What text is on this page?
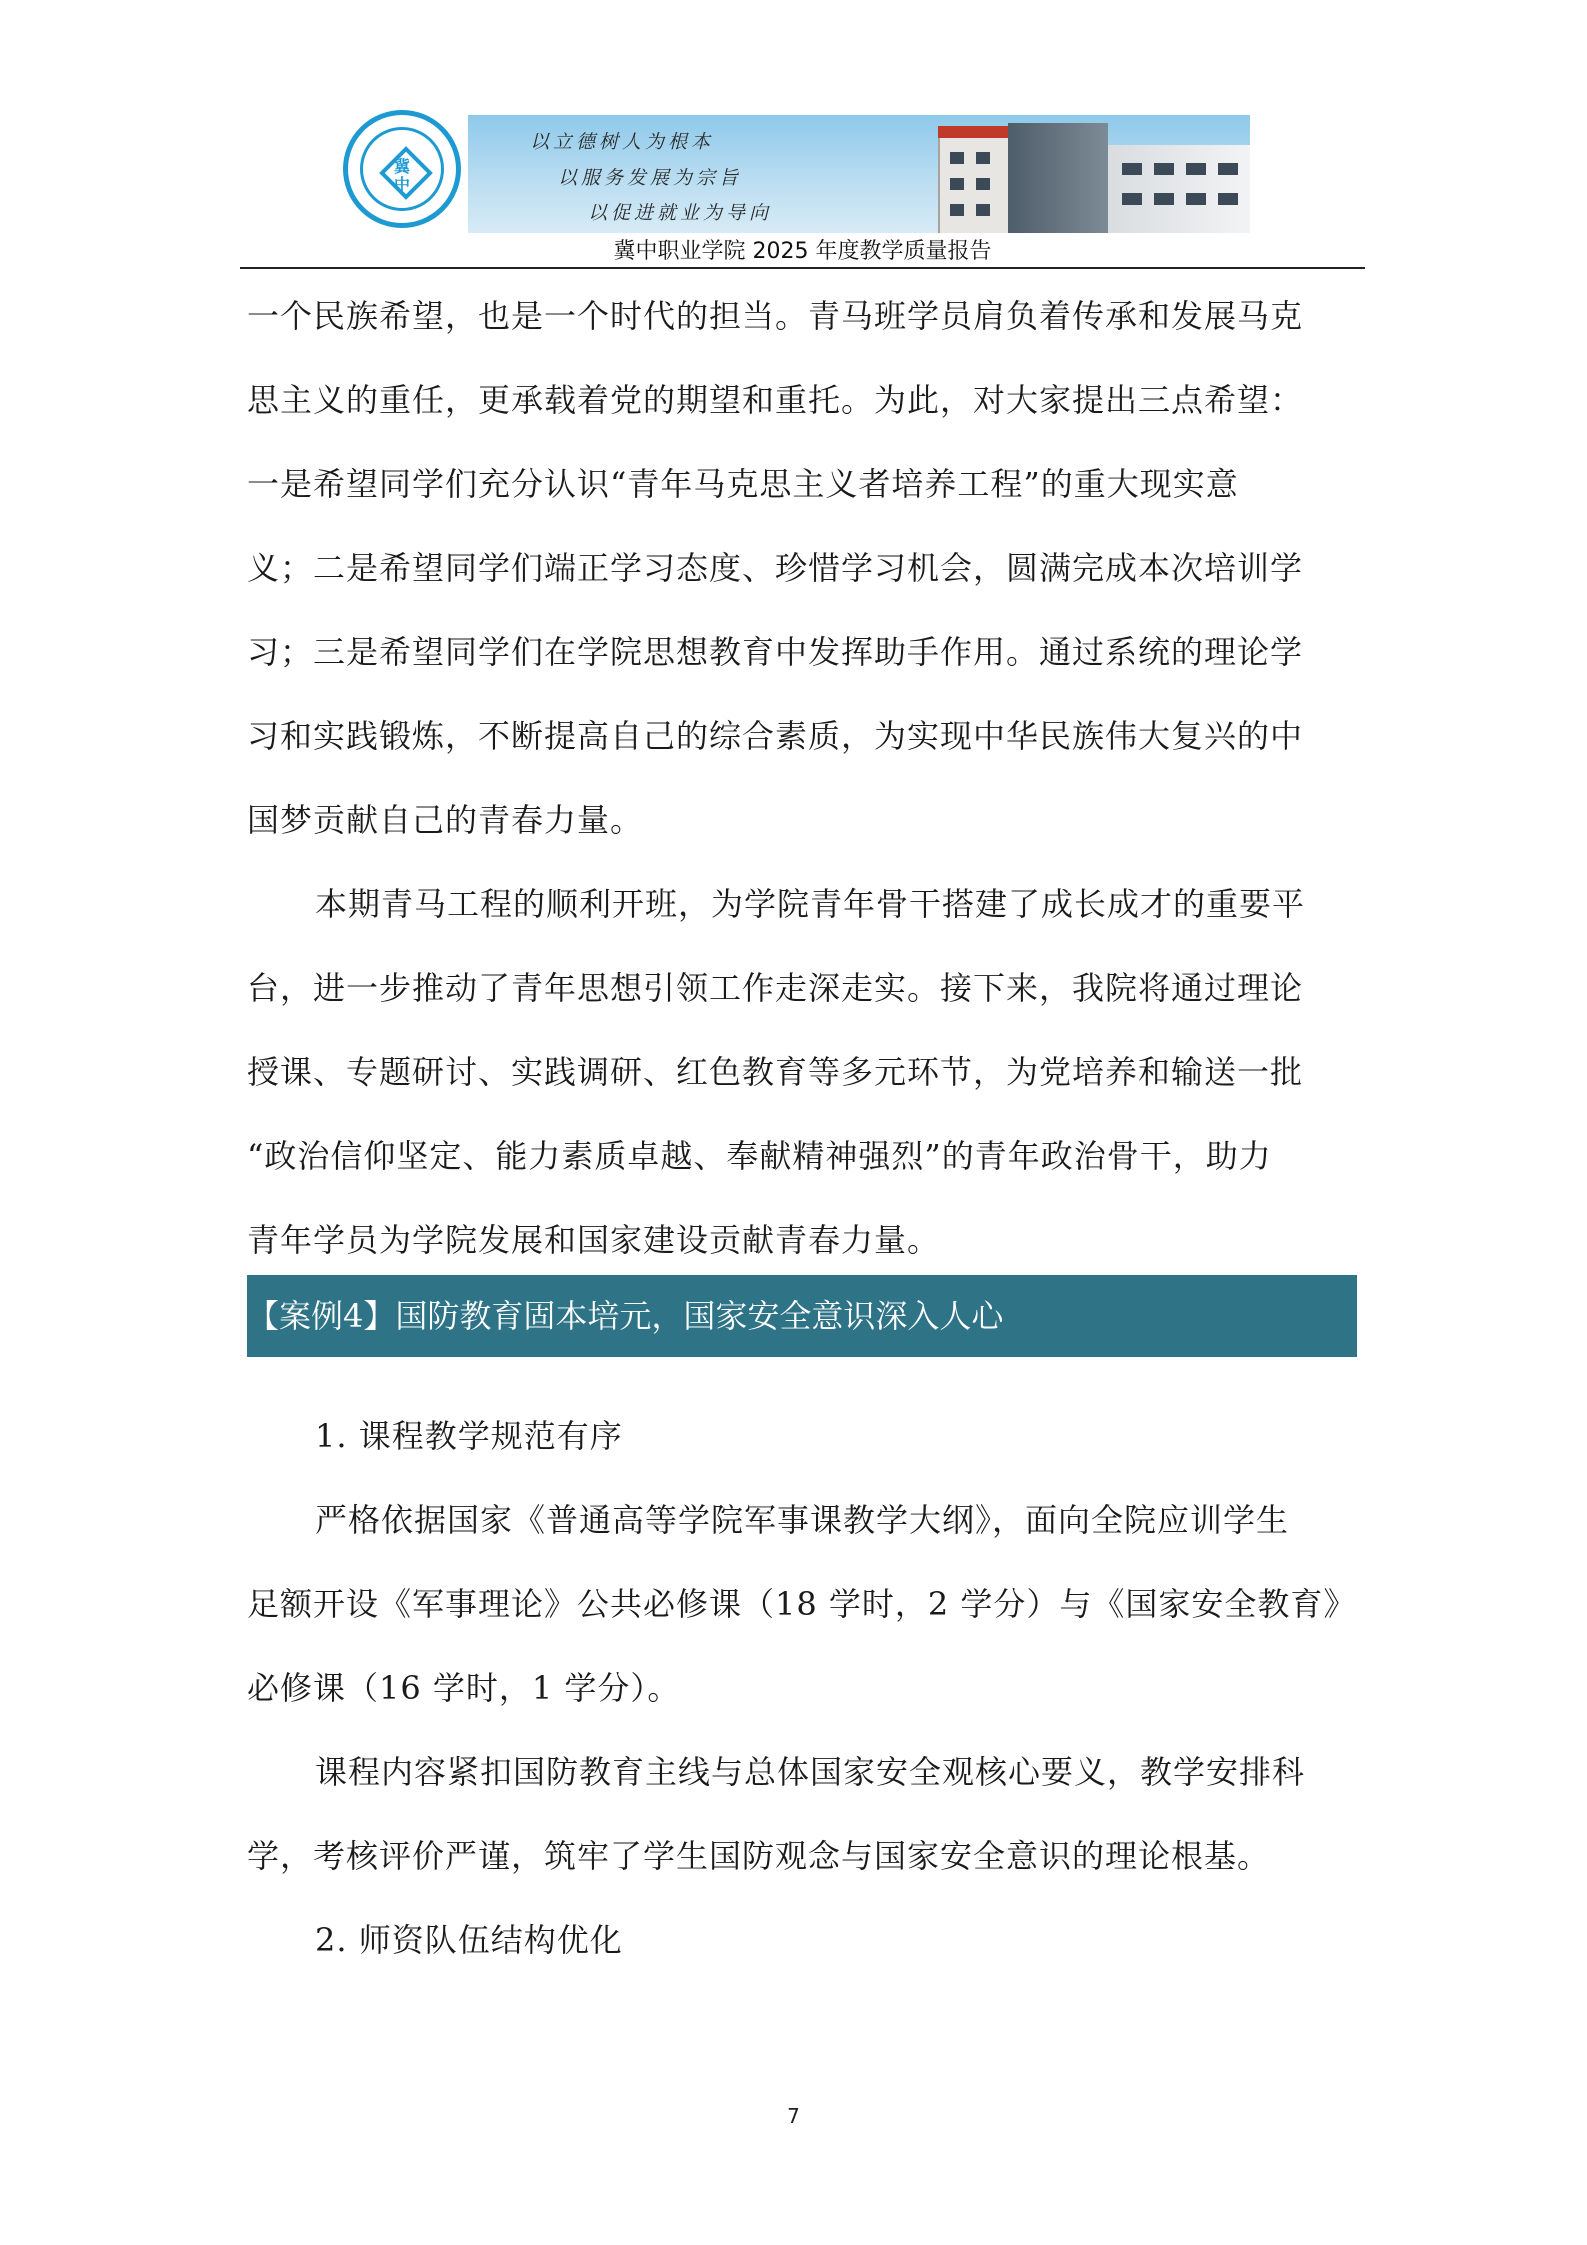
冀
中
以立德树人为根本
以服务发展为宗旨
以促进就业为导向
冀中职业学院 2025 年度教学质量报告
一个民族希望，也是一个时代的担当。青马班学员肩负着传承和发展马克
思主义的重任，更承载着党的期望和重托。为此，对大家提出三点希望：
一是希望同学们充分认识“青年马克思主义者培养工程”的重大现实意
义；二是希望同学们端正学习态度、珍惜学习机会，圆满完成本次培训学
习；三是希望同学们在学院思想教育中发挥助手作用。通过系统的理论学
习和实践锻炼，不断提高自己的综合素质，为实现中华民族伟大复兴的中
国梦贡献自己的青春力量。
本期青马工程的顺利开班，为学院青年骨干搭建了成长成才的重要平
台，进一步推动了青年思想引领工作走深走实。接下来，我院将通过理论
授课、专题研讨、实践调研、红色教育等多元环节，为党培养和输送一批
“政治信仰坚定、能力素质卓越、奉献精神强烈”的青年政治骨干，助力
青年学员为学院发展和国家建设贡献青春力量。
【案例4】国防教育固本培元，国家安全意识深入人心
1. 课程教学规范有序
严格依据国家《普通高等学院军事课教学大纲》，面向全院应训学生
足额开设《军事理论》公共必修课（18 学时，2 学分）与《国家安全教育》
必修课（16 学时，1 学分）。
课程内容紧扣国防教育主线与总体国家安全观核心要义，教学安排科
学，考核评价严谨，筑牢了学生国防观念与国家安全意识的理论根基。
2. 师资队伍结构优化
7
